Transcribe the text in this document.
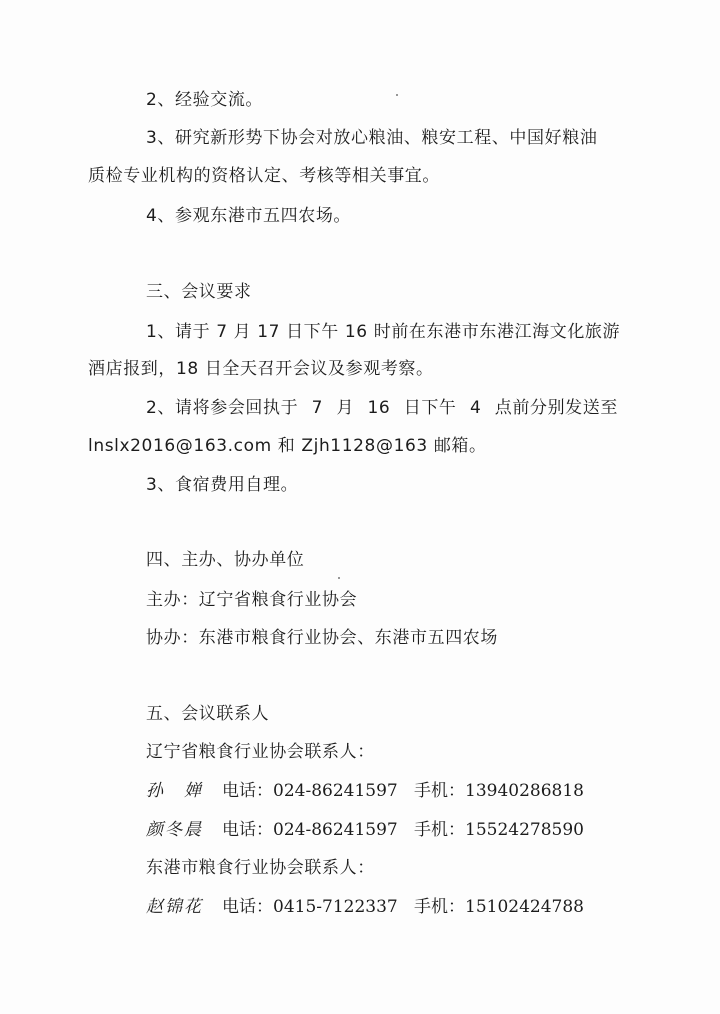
2、经验交流。
3、研究新形势下协会对放心粮油、粮安工程、中国好粮油
质检专业机构的资格认定、考核等相关事宜。
4、参观东港市五四农场。
三、会议要求
1、请于 7 月 17 日下午 16 时前在东港市东港江海文化旅游
酒店报到，18 日全天召开会议及参观考察。
2、请将参会回执于 7 月 16 日下午 4 点前分别发送至
lnslx2016@163.com 和 Zjh1128@163 邮箱。
3、食宿费用自理。
四、主办、协办单位
主办：辽宁省粮食行业协会
协办：东港市粮食行业协会、东港市五四农场
五、会议联系人
辽宁省粮食行业协会联系人：
孙　婵 电话：024-86241597 手机：13940286818
颜冬晨 电话：024-86241597 手机：15524278590
东港市粮食行业协会联系人：
赵锦花 电话：0415-7122337 手机：15102424788
